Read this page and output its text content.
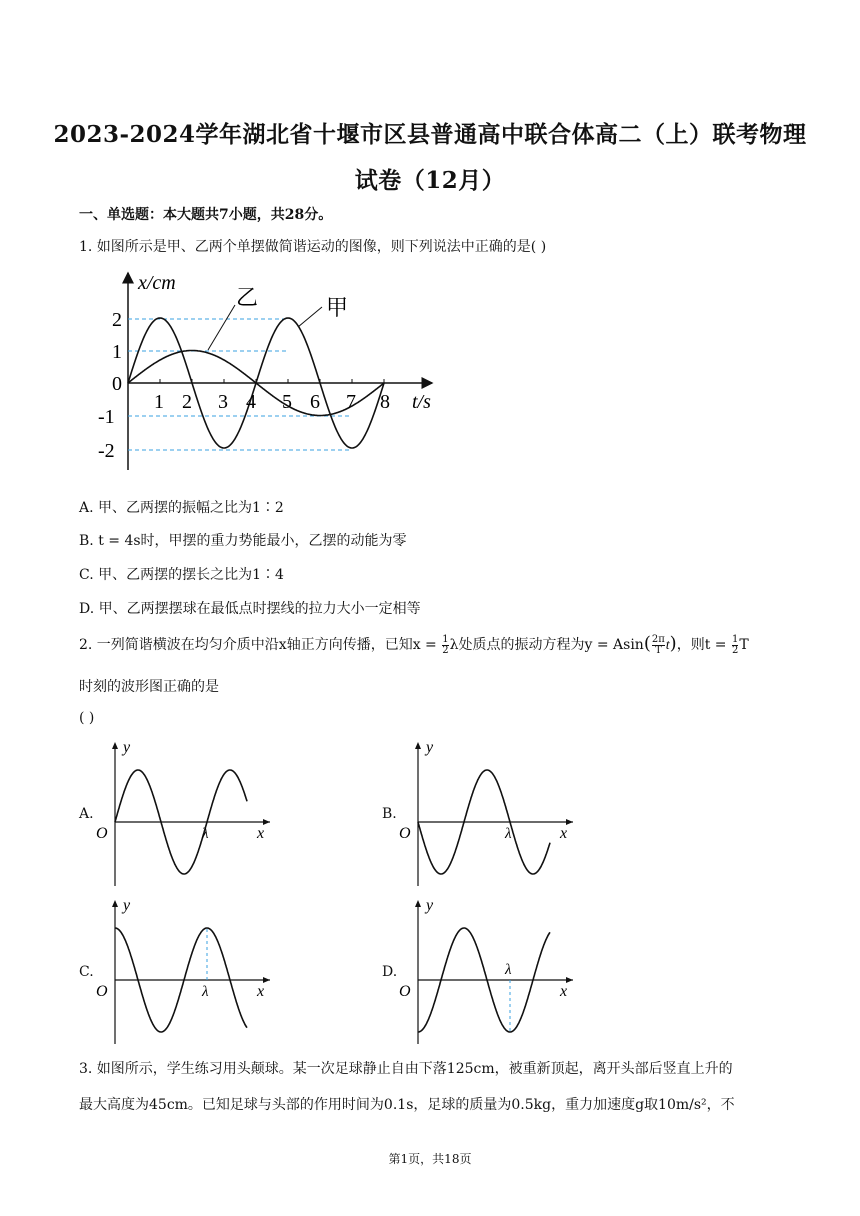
2023-2024学年湖北省十堰市区县普通高中联合体高二（上）联考物理
试卷（12月）
一、单选题：本大题共7小题，共28分。
1. 如图所示是甲、乙两个单摆做简谐运动的图像，则下列说法中正确的是( )
乙	甲
x/cm
t/s
2
1
0
-1
-2
1 2 3 4 5 6 7 8
A. 甲、乙两摆的振幅之比为1∶2
B. t = 4s时，甲摆的重力势能最小，乙摆的动能为零
C. 甲、乙两摆的摆长之比为1∶4
D. 甲、乙两摆摆球在最低点时摆线的拉力大小一定相等
2. 一列简谐横波在均匀介质中沿x轴正方向传播，已知$x = \frac{1}{2}$ λ处质点的振动方程为$y = Asin( \frac{2\pi}{T} t)$，则$t = \frac{1}{2}$ T
时刻的波形图正确的是
( )
A.	B.
C.	D.
y
x
O	λ
y
x
O	λ
y
x
O	λ
y
x
O
λ
3. 如图所示，学生练习用头颠球。某一次足球静止自由下落125cm，被重新顶起，离开头部后竖直上升的
最大高度为45cm。已知足球与头部的作用时间为0.1s，足球的质量为0.5kg，重力加速度g取10m/s²，不
第1页，共18页
